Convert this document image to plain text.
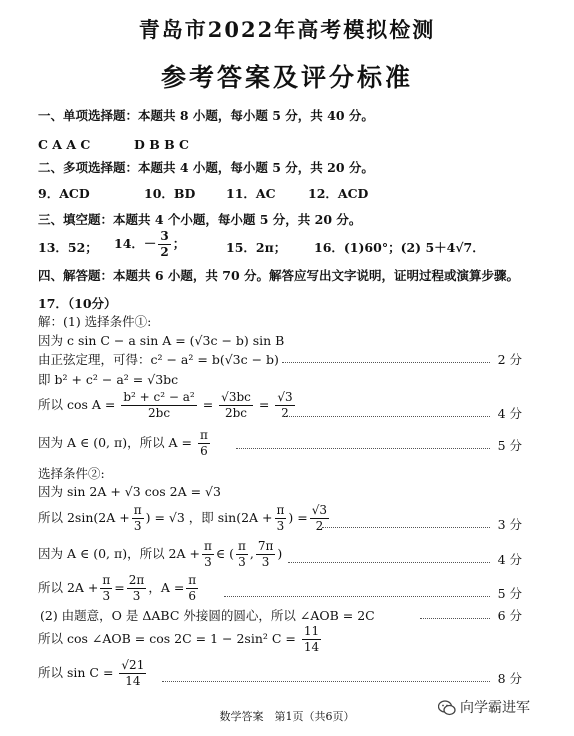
青岛市2022年高考模拟检测
参考答案及评分标准
一、单项选择题：本题共 8 小题，每小题 5 分，共 40 分。
C A A C	D B B C
二、多项选择题：本题共 4 小题，每小题 5 分，共 20 分。
9．ACD	10．BD 11．AC	12．ACD
三、填空题：本题共 4 个小题，每小题 5 分，共 20 分。
13．52； 14．－ $\frac{3}{2}$ ；	15．2π； 16．(1)60°；(2) 5＋4√7．
四、解答题：本题共 6 小题，共 70 分。解答应写出文字说明，证明过程或演算步骤。
17．（10分）
解：(1) 选择条件①:
因为 c sin C − a sin A = (√3c − b) sin B
由正弦定理，可得：c² − a² = b(√3c − b)	2 分
即 b² + c² − a² = √3bc
所以 $\cos A = \frac{\text{b² + c² − a²}}{2bc} = \frac{√3bc}{2bc} = \frac{√3}{2}$	4 分
因为 A ∈ (0, π)，所以 $A = \frac{\pi}{6}$	5 分
选择条件②:
因为 sin 2A + √3 cos 2A = √3
所以 $2\sin(2A + \frac{\pi}{3}$ ) = √3 ，即 $\sin(2A + \frac{\pi}{3}$ ) = $\frac{√3}{2}$	3 分
因为 A ∈ (0, π)，所以 $2A + \frac{\pi}{3}$ ∈ ( $\frac{\pi}{3}$ , $\frac{7\pi}{3}$ )	4 分
所以 $2A + \frac{\pi}{3} = \frac{2\pi}{3}$ ，$A = \frac{\pi}{6}$	5 分
(2) 由题意，O 是 ΔABC 外接圆的圆心，所以 ∠AOB = 2C	6 分
所以 cos ∠AOB = cos 2C = 1 − 2sin² $C = \frac{11}{14}$
所以 $\sin C = \frac{√21}{14}$	8 分
向学霸进军
数学答案　第1页（共6页）
